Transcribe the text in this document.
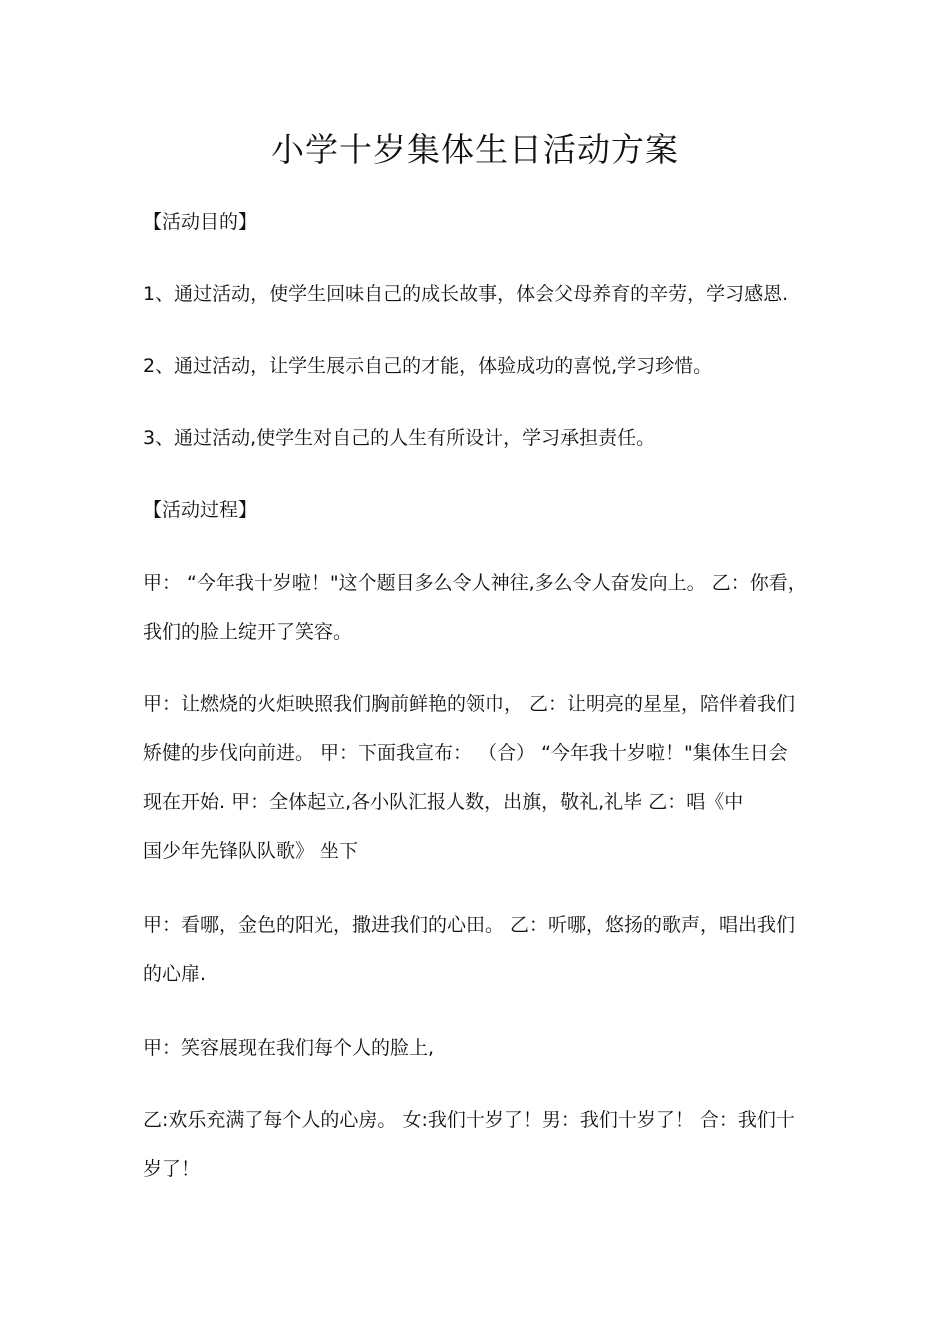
小学十岁集体生日活动方案

【活动目的】

1、通过活动，使学生回味自己的成长故事，体会父母养育的辛劳，学习感恩.

2、通过活动，让学生展示自己的才能，体验成功的喜悦,学习珍惜。

3、通过活动,使学生对自己的人生有所设计，学习承担责任。

【活动过程】

甲： “今年我十岁啦！"这个题目多么令人神往,多么令人奋发向上。 乙：你看，
我们的脸上绽开了笑容。

甲：让燃烧的火炬映照我们胸前鲜艳的领巾， 乙：让明亮的星星，陪伴着我们
矫健的步伐向前进。 甲：下面我宣布： （合） “今年我十岁啦！"集体生日会
现在开始. 甲：全体起立,各小队汇报人数，出旗，敬礼,礼毕 乙：唱《中
国少年先锋队队歌》 坐下

甲：看哪，金色的阳光，撒进我们的心田。 乙：听哪，悠扬的歌声，唱出我们
的心扉.

甲：笑容展现在我们每个人的脸上,

乙:欢乐充满了每个人的心房。 女:我们十岁了！男：我们十岁了！ 合：我们十
岁了！
